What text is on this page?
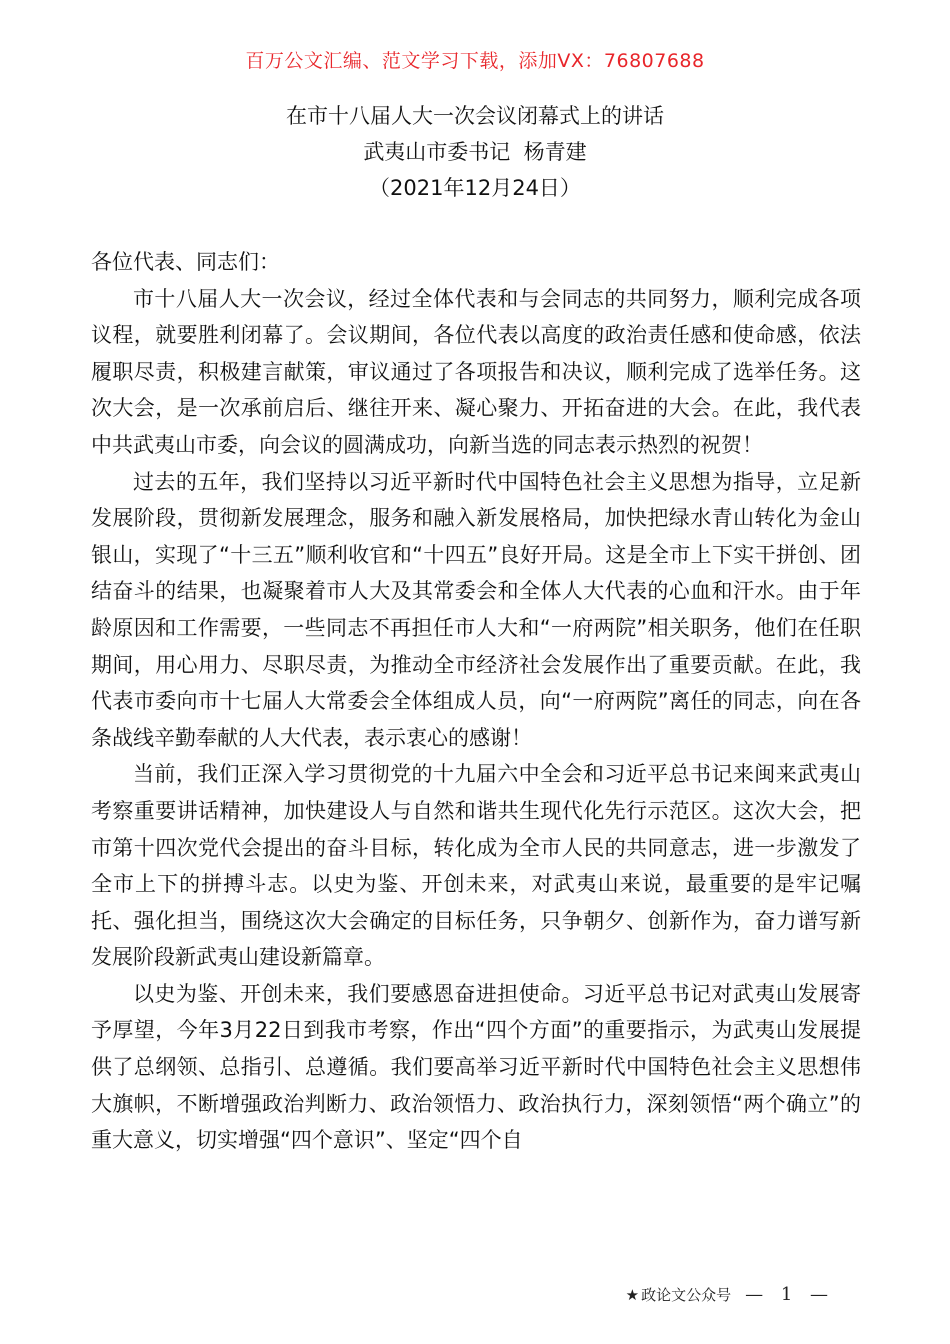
百万公文汇编、范文学习下载，添加VX：76807688
在市十八届人大一次会议闭幕式上的讲话
武夷山市委书记  杨青建
（2021年12月24日）

各位代表、同志们：

市十八届人大一次会议，经过全体代表和与会同志的共同努力，顺利完成各项议程，就要胜利闭幕了。会议期间，各位代表以高度的政治责任感和使命感，依法履职尽责，积极建言献策，审议通过了各项报告和决议，顺利完成了选举任务。这次大会，是一次承前启后、继往开来、凝心聚力、开拓奋进的大会。在此，我代表中共武夷山市委，向会议的圆满成功，向新当选的同志表示热烈的祝贺！

过去的五年，我们坚持以习近平新时代中国特色社会主义思想为指导，立足新发展阶段，贯彻新发展理念，服务和融入新发展格局，加快把绿水青山转化为金山银山，实现了“十三五”顺利收官和“十四五”良好开局。这是全市上下实干拼创、团结奋斗的结果，也凝聚着市人大及其常委会和全体人大代表的心血和汗水。由于年龄原因和工作需要，一些同志不再担任市人大和“一府两院”相关职务，他们在任职期间，用心用力、尽职尽责，为推动全市经济社会发展作出了重要贡献。在此，我代表市委向市十七届人大常委会全体组成人员，向“一府两院”离任的同志，向在各条战线辛勤奉献的人大代表，表示衷心的感谢！

当前，我们正深入学习贯彻党的十九届六中全会和习近平总书记来闽来武夷山考察重要讲话精神，加快建设人与自然和谐共生现代化先行示范区。这次大会，把市第十四次党代会提出的奋斗目标，转化成为全市人民的共同意志，进一步激发了全市上下的拼搏斗志。以史为鉴、开创未来，对武夷山来说，最重要的是牢记嘱托、强化担当，围绕这次大会确定的目标任务，只争朝夕、创新作为，奋力谱写新发展阶段新武夷山建设新篇章。

以史为鉴、开创未来，我们要感恩奋进担使命。习近平总书记对武夷山发展寄予厚望，今年3月22日到我市考察，作出“四个方面”的重要指示，为武夷山发展提供了总纲领、总指引、总遵循。我们要高举习近平新时代中国特色社会主义思想伟大旗帜，不断增强政治判断力、政治领悟力、政治执行力，深刻领悟“两个确立”的重大意义，切实增强“四个意识”、坚定“四个自

★ 政论文公众号 — 1 —
